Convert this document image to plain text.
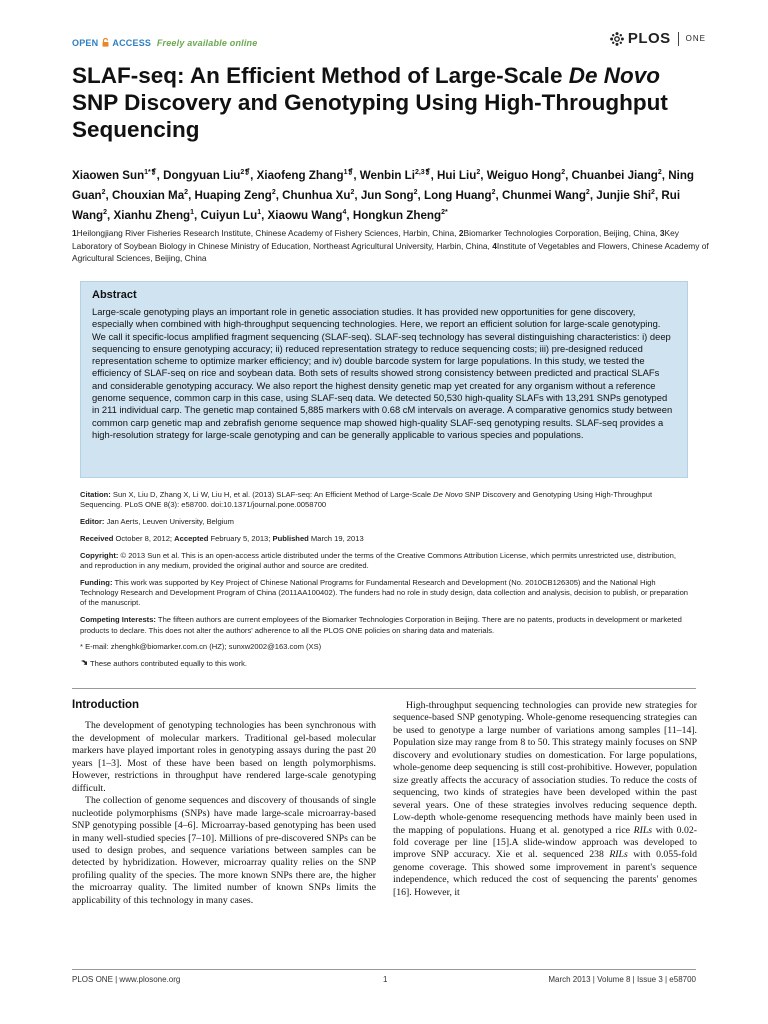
OPEN ACCESS Freely available online	PLOS ONE
SLAF-seq: An Efficient Method of Large-Scale De Novo SNP Discovery and Genotyping Using High-Throughput Sequencing
Xiaowen Sun$^{1*❡}$, Dongyuan Liu$^{2❡}$, Xiaofeng Zhang$^{1❡}$, Wenbin $Li^{2,3❡}$, Hui Liu$^2$, Weiguo Hong$^2$, Chuanbei Jiang$^2$, Ning Guan$^2$, Chouxian Ma$^2$, Huaping Zeng$^2$, Chunhua Xu$^2$, Jun Song$^2$, Long Huang$^2$, Chunmei Wang$^2$, Junjie Shi$^2$, Rui Wang$^2$, Xianhu Zheng$^1$, Cuiyun Lu$^1$, Xiaowu Wang$^4$, Hongkun Zheng$^{2*}$
1Heilongjiang River Fisheries Research Institute, Chinese Academy of Fishery Sciences, Harbin, China, 2Biomarker Technologies Corporation, Beijing, China, 3Key Laboratory of Soybean Biology in Chinese Ministry of Education, Northeast Agricultural University, Harbin, China, 4Institute of Vegetables and Flowers, Chinese Academy of Agricultural Sciences, Beijing, China
Abstract

Large-scale genotyping plays an important role in genetic association studies. It has provided new opportunities for gene discovery, especially when combined with high-throughput sequencing technologies. Here, we report an efficient solution for large-scale genotyping. We call it specific-locus amplified fragment sequencing (SLAF-seq). SLAF-seq technology has several distinguishing characteristics: i) deep sequencing to ensure genotyping accuracy; ii) reduced representation strategy to reduce sequencing costs; iii) pre-designed reduced representation scheme to optimize marker efficiency; and iv) double barcode system for large populations. In this study, we tested the efficiency of SLAF-seq on rice and soybean data. Both sets of results showed strong consistency between predicted and practical SLAFs and considerable genotyping accuracy. We also report the highest density genetic map yet created for any organism without a reference genome sequence, common carp in this case, using SLAF-seq data. We detected 50,530 high-quality SLAFs with 13,291 SNPs genotyped in 211 individual carp. The genetic map contained 5,885 markers with 0.68 cM intervals on average. A comparative genomics study between common carp genetic map and zebrafish genome sequence map showed high-quality SLAF-seq genotyping results. SLAF-seq provides a high-resolution strategy for large-scale genotyping and can be generally applicable to various species and populations.

Citation: Sun X, Liu D, Zhang X, Li W, Liu H, et al. (2013) SLAF-seq: An Efficient Method of Large-Scale De Novo SNP Discovery and Genotyping Using High-Throughput Sequencing. PLoS ONE 8(3): e58700. doi:10.1371/journal.pone.0058700

Editor: Jan Aerts, Leuven University, Belgium

Received October 8, 2012; Accepted February 5, 2013; Published March 19, 2013

Copyright: © 2013 Sun et al. This is an open-access article distributed under the terms of the Creative Commons Attribution License, which permits unrestricted use, distribution, and reproduction in any medium, provided the original author and source are credited.

Funding: This work was supported by Key Project of Chinese National Programs for Fundamental Research and Development (No. 2010CB126305) and the National High Technology Research and Development Program of China (2011AA100402). The funders had no role in study design, data collection and analysis, decision to publish, or preparation of the manuscript.

Competing Interests: The fifteen authors are current employees of the Biomarker Technologies Corporation in Beijing. There are no patents, products in development or marketed products to declare. This does not alter the authors' adherence to all the PLOS ONE policies on sharing data and materials.

* E-mail: zhenghk@biomarker.com.cn (HZ); sunxw2002@163.com (XS)

These authors contributed equally to this work.

Introduction

The development of genotyping technologies has been synchronous with the development of molecular markers. Traditional gel-based molecular markers have played important roles in genotyping assays during the past 20 years [1–3]. Most of these have been based on length polymorphisms. However, restrictions in throughput have rendered large-scale genotyping difficult.

The collection of genome sequences and discovery of thousands of single nucleotide polymorphisms (SNPs) have made large-scale microarray-based SNP genotyping possible [4–6]. Microarray-based genotyping has been used in many well-studied species [7–10]. Millions of pre-discovered SNPs can be used to design probes, and sequence variations between samples can be detected by hybridization. However, microarray quality relies on the SNP profiling quality of the species. The more known SNPs there are, the higher the microarray quality. The limited number of known SNPs limits the applicability of this technology in many cases.

High-throughput sequencing technologies can provide new strategies for sequence-based SNP genotyping. Whole-genome resequencing strategies can be used to genotype a large number of variations among samples [11–14]. Population size may range from 8 to 50. This strategy mainly focuses on SNP discovery and evolutionary studies on domestication. For large populations, whole-genome deep sequencing is still cost-prohibitive. However, population size greatly affects the accuracy of association studies. To reduce the costs of sequencing, two kinds of strategies have been developed within the past several years. One of these strategies involves reducing sequence depth. Low-depth whole-genome resequencing methods have mainly been used in the mapping of populations. Huang et al. genotyped a rice RILs with 0.02-fold coverage per line [15].A slide-window approach was developed to improve SNP accuracy. Xie et al. sequenced 238 RILs with 0.055-fold genome coverage. This showed some improvement in parent's sequence independence, which reduced the cost of sequencing the parents' genomes [16]. However, it

PLOS ONE | www.plosone.org	1	March 2013 | Volume 8 | Issue 3 | e58700
